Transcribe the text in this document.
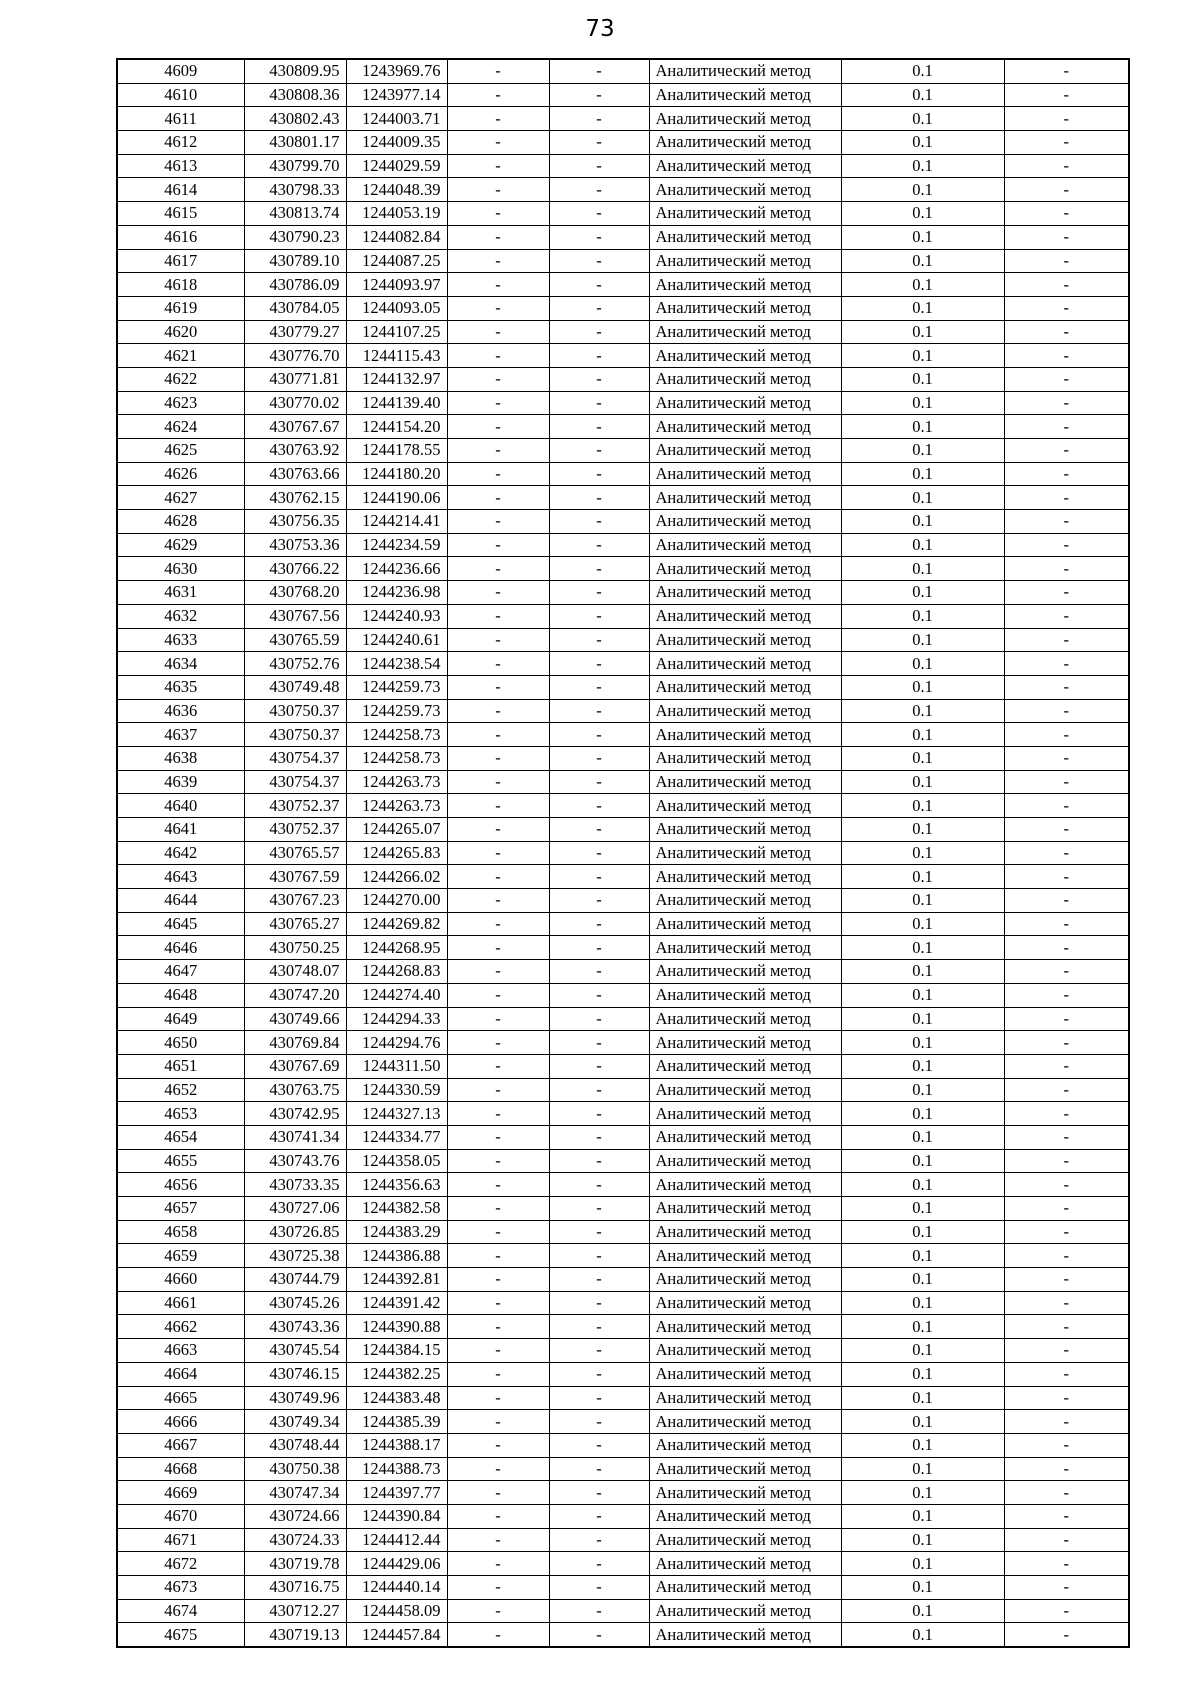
73
4609	430809.95	1243969.76	-	-	Аналитический метод	0.1	-
4610	430808.36	1243977.14	-	-	Аналитический метод	0.1	-
4611	430802.43	1244003.71	-	-	Аналитический метод	0.1	-
4612	430801.17	1244009.35	-	-	Аналитический метод	0.1	-
4613	430799.70	1244029.59	-	-	Аналитический метод	0.1	-
4614	430798.33	1244048.39	-	-	Аналитический метод	0.1	-
4615	430813.74	1244053.19	-	-	Аналитический метод	0.1	-
4616	430790.23	1244082.84	-	-	Аналитический метод	0.1	-
4617	430789.10	1244087.25	-	-	Аналитический метод	0.1	-
4618	430786.09	1244093.97	-	-	Аналитический метод	0.1	-
4619	430784.05	1244093.05	-	-	Аналитический метод	0.1	-
4620	430779.27	1244107.25	-	-	Аналитический метод	0.1	-
4621	430776.70	1244115.43	-	-	Аналитический метод	0.1	-
4622	430771.81	1244132.97	-	-	Аналитический метод	0.1	-
4623	430770.02	1244139.40	-	-	Аналитический метод	0.1	-
4624	430767.67	1244154.20	-	-	Аналитический метод	0.1	-
4625	430763.92	1244178.55	-	-	Аналитический метод	0.1	-
4626	430763.66	1244180.20	-	-	Аналитический метод	0.1	-
4627	430762.15	1244190.06	-	-	Аналитический метод	0.1	-
4628	430756.35	1244214.41	-	-	Аналитический метод	0.1	-
4629	430753.36	1244234.59	-	-	Аналитический метод	0.1	-
4630	430766.22	1244236.66	-	-	Аналитический метод	0.1	-
4631	430768.20	1244236.98	-	-	Аналитический метод	0.1	-
4632	430767.56	1244240.93	-	-	Аналитический метод	0.1	-
4633	430765.59	1244240.61	-	-	Аналитический метод	0.1	-
4634	430752.76	1244238.54	-	-	Аналитический метод	0.1	-
4635	430749.48	1244259.73	-	-	Аналитический метод	0.1	-
4636	430750.37	1244259.73	-	-	Аналитический метод	0.1	-
4637	430750.37	1244258.73	-	-	Аналитический метод	0.1	-
4638	430754.37	1244258.73	-	-	Аналитический метод	0.1	-
4639	430754.37	1244263.73	-	-	Аналитический метод	0.1	-
4640	430752.37	1244263.73	-	-	Аналитический метод	0.1	-
4641	430752.37	1244265.07	-	-	Аналитический метод	0.1	-
4642	430765.57	1244265.83	-	-	Аналитический метод	0.1	-
4643	430767.59	1244266.02	-	-	Аналитический метод	0.1	-
4644	430767.23	1244270.00	-	-	Аналитический метод	0.1	-
4645	430765.27	1244269.82	-	-	Аналитический метод	0.1	-
4646	430750.25	1244268.95	-	-	Аналитический метод	0.1	-
4647	430748.07	1244268.83	-	-	Аналитический метод	0.1	-
4648	430747.20	1244274.40	-	-	Аналитический метод	0.1	-
4649	430749.66	1244294.33	-	-	Аналитический метод	0.1	-
4650	430769.84	1244294.76	-	-	Аналитический метод	0.1	-
4651	430767.69	1244311.50	-	-	Аналитический метод	0.1	-
4652	430763.75	1244330.59	-	-	Аналитический метод	0.1	-
4653	430742.95	1244327.13	-	-	Аналитический метод	0.1	-
4654	430741.34	1244334.77	-	-	Аналитический метод	0.1	-
4655	430743.76	1244358.05	-	-	Аналитический метод	0.1	-
4656	430733.35	1244356.63	-	-	Аналитический метод	0.1	-
4657	430727.06	1244382.58	-	-	Аналитический метод	0.1	-
4658	430726.85	1244383.29	-	-	Аналитический метод	0.1	-
4659	430725.38	1244386.88	-	-	Аналитический метод	0.1	-
4660	430744.79	1244392.81	-	-	Аналитический метод	0.1	-
4661	430745.26	1244391.42	-	-	Аналитический метод	0.1	-
4662	430743.36	1244390.88	-	-	Аналитический метод	0.1	-
4663	430745.54	1244384.15	-	-	Аналитический метод	0.1	-
4664	430746.15	1244382.25	-	-	Аналитический метод	0.1	-
4665	430749.96	1244383.48	-	-	Аналитический метод	0.1	-
4666	430749.34	1244385.39	-	-	Аналитический метод	0.1	-
4667	430748.44	1244388.17	-	-	Аналитический метод	0.1	-
4668	430750.38	1244388.73	-	-	Аналитический метод	0.1	-
4669	430747.34	1244397.77	-	-	Аналитический метод	0.1	-
4670	430724.66	1244390.84	-	-	Аналитический метод	0.1	-
4671	430724.33	1244412.44	-	-	Аналитический метод	0.1	-
4672	430719.78	1244429.06	-	-	Аналитический метод	0.1	-
4673	430716.75	1244440.14	-	-	Аналитический метод	0.1	-
4674	430712.27	1244458.09	-	-	Аналитический метод	0.1	-
4675	430719.13	1244457.84	-	-	Аналитический метод	0.1	-
